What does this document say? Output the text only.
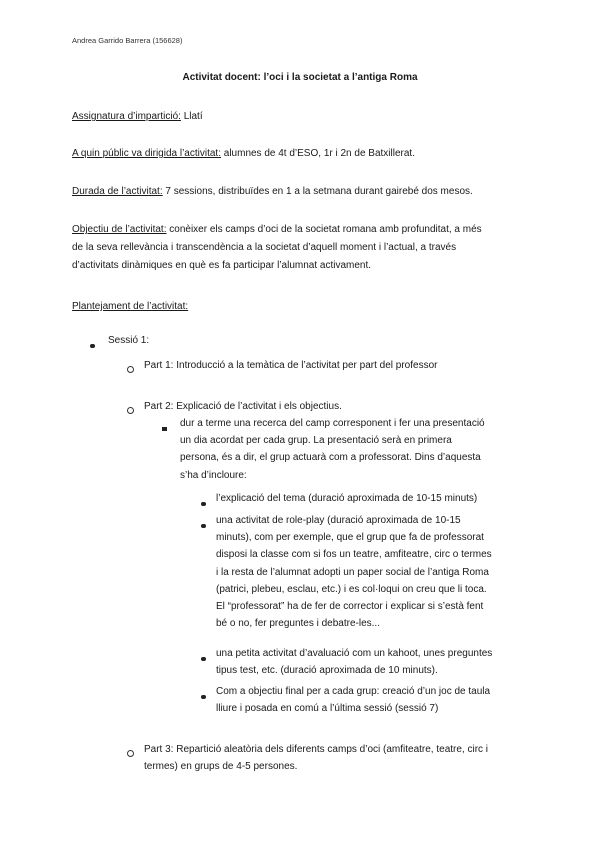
Andrea Garrido Barrera (156628)
Activitat docent: l’oci i la societat a l’antiga Roma
Assignatura d’impartició: Llatí
A quin públic va dirigida l’activitat: alumnes de 4t d’ESO, 1r i 2n de Batxillerat.
Durada de l’activitat: 7 sessions, distribuïdes en 1 a la setmana durant gairebé dos mesos.
Objectiu de l’activitat: conèixer els camps d’oci de la societat romana amb profunditat, a més
de la seva rellevància i transcendència a la societat d’aquell moment i l’actual, a través
d’activitats dinàmiques en què es fa participar l’alumnat activament.
Plantejament de l’activitat:
Sessió 1:
Part 1: Introducció a la temàtica de l’activitat per part del professor
Part 2: Explicació de l’activitat i els objectius.
dur a terme una recerca del camp corresponent i fer una presentació
un dia acordat per cada grup. La presentació serà en primera
persona, és a dir, el grup actuarà com a professorat. Dins d’aquesta
s’ha d’incloure:
l’explicació del tema (duració aproximada de 10-15 minuts)
una activitat de role-play (duració aproximada de 10-15
minuts), com per exemple, que el grup que fa de professorat
disposi la classe com si fos un teatre, amfiteatre, circ o termes
i la resta de l’alumnat adopti un paper social de l’antiga Roma
(patrici, plebeu, esclau, etc.) i es col·loqui on creu que li toca.
El “professorat” ha de fer de corrector i explicar si s’està fent
bé o no, fer preguntes i debatre-les...
una petita activitat d’avaluació com un kahoot, unes preguntes
tipus test, etc. (duració aproximada de 10 minuts).
Com a objectiu final per a cada grup: creació d’un joc de taula
lliure i posada en comú a l’última sessió (sessió 7)
Part 3: Repartició aleatòria dels diferents camps d’oci (amfiteatre, teatre, circ i
termes) en grups de 4-5 persones.
